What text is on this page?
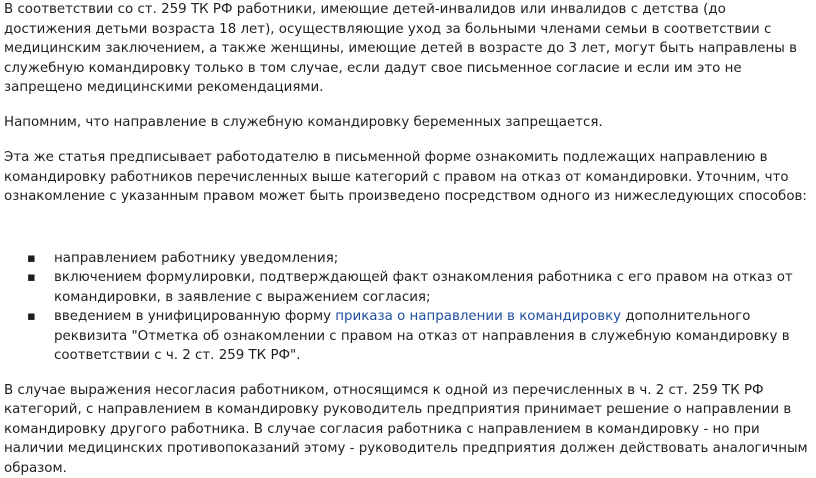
В соответствии со ст. 259 ТК РФ работники, имеющие детей-инвалидов или инвалидов с детства (до достижения детьми возраста 18 лет), осуществляющие уход за больными членами семьи в соответствии с медицинским заключением, а также женщины, имеющие детей в возрасте до 3 лет, могут быть направлены в служебную командировку только в том случае, если дадут свое письменное согласие и если им это не запрещено медицинскими рекомендациями.

Напомним, что направление в служебную командировку беременных запрещается.

Эта же статья предписывает работодателю в письменной форме ознакомить подлежащих направлению в командировку работников перечисленных выше категорий с правом на отказ от командировки. Уточним, что ознакомление с указанным правом может быть произведено посредством одного из нижеследующих способов:

▪ направлением работнику уведомления;
▪ включением формулировки, подтверждающей факт ознакомления работника с его правом на отказ от командировки, в заявление с выражением согласия;
▪ введением в унифицированную форму приказа о направлении в командировку дополнительного реквизита "Отметка об ознакомлении с правом на отказ от направления в служебную командировку в соответствии с ч. 2 ст. 259 ТК РФ".

В случае выражения несогласия работником, относящимся к одной из перечисленных в ч. 2 ст. 259 ТК РФ категорий, с направлением в командировку руководитель предприятия принимает решение о направлении в командировку другого работника. В случае согласия работника с направлением в командировку - но при наличии медицинских противопоказаний этому - руководитель предприятия должен действовать аналогичным образом.
